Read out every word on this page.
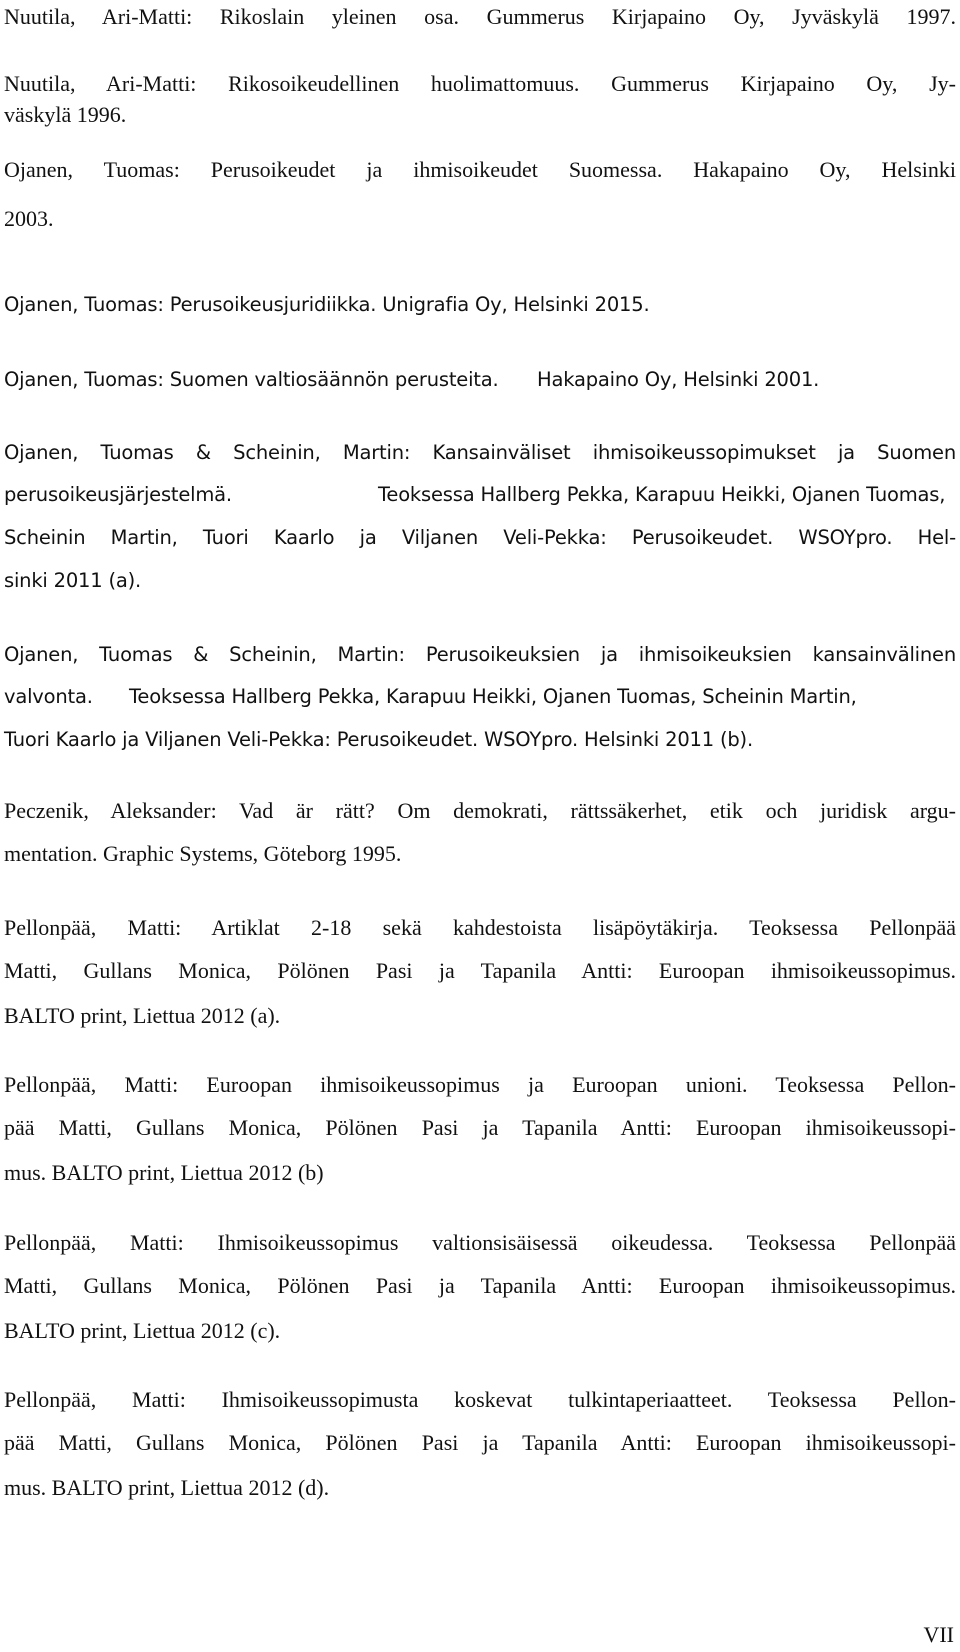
Nuutila, Ari-Matti: Rikoslain yleinen osa. Gummerus Kirjapaino Oy, Jyväskylä 1997.
Nuutila, Ari-Matti: Rikosoikeudellinen huolimattomuus. Gummerus Kirjapaino Oy, Jy-
väskylä 1996.
Ojanen, Tuomas: Perusoikeudet ja ihmisoikeudet Suomessa. Hakapaino Oy, Helsinki
2003.
Ojanen, Tuomas: Perusoikeusjuridiikka. Unigrafia Oy, Helsinki 2015.
Ojanen, Tuomas: Suomen valtiosäännön perusteita.	Hakapaino Oy, Helsinki 2001.
Ojanen, Tuomas & Scheinin, Martin: Kansainväliset ihmisoikeussopimukset ja Suomen
perusoikeusjärjestelmä.	Teoksessa Hallberg Pekka, Karapuu Heikki, Ojanen Tuomas,
Scheinin Martin, Tuori Kaarlo ja Viljanen Veli-Pekka: Perusoikeudet. WSOYpro. Hel-
sinki 2011 (a).
Ojanen, Tuomas & Scheinin, Martin: Perusoikeuksien ja ihmisoikeuksien kansainvälinen
valvonta.	Teoksessa Hallberg Pekka, Karapuu Heikki, Ojanen Tuomas, Scheinin Martin,
Tuori Kaarlo ja Viljanen Veli-Pekka: Perusoikeudet. WSOYpro. Helsinki 2011 (b).
Peczenik, Aleksander: Vad är rätt? Om demokrati, rättssäkerhet, etik och juridisk argu-
mentation. Graphic Systems, Göteborg 1995.
Pellonpää, Matti: Artiklat 2-18 sekä kahdestoista lisäpöytäkirja. Teoksessa Pellonpää
Matti, Gullans Monica, Pölönen Pasi ja Tapanila Antti: Euroopan ihmisoikeussopimus.
BALTO print, Liettua 2012 (a).
Pellonpää, Matti: Euroopan ihmisoikeussopimus ja Euroopan unioni. Teoksessa Pellon-
pää Matti, Gullans Monica, Pölönen Pasi ja Tapanila Antti: Euroopan ihmisoikeussopi-
mus. BALTO print, Liettua 2012 (b)
Pellonpää, Matti: Ihmisoikeussopimus valtionsisäisessä oikeudessa. Teoksessa Pellonpää
Matti, Gullans Monica, Pölönen Pasi ja Tapanila Antti: Euroopan ihmisoikeussopimus.
BALTO print, Liettua 2012 (c).
Pellonpää, Matti: Ihmisoikeussopimusta koskevat tulkintaperiaatteet. Teoksessa Pellon-
pää Matti, Gullans Monica, Pölönen Pasi ja Tapanila Antti: Euroopan ihmisoikeussopi-
mus. BALTO print, Liettua 2012 (d).
VII
